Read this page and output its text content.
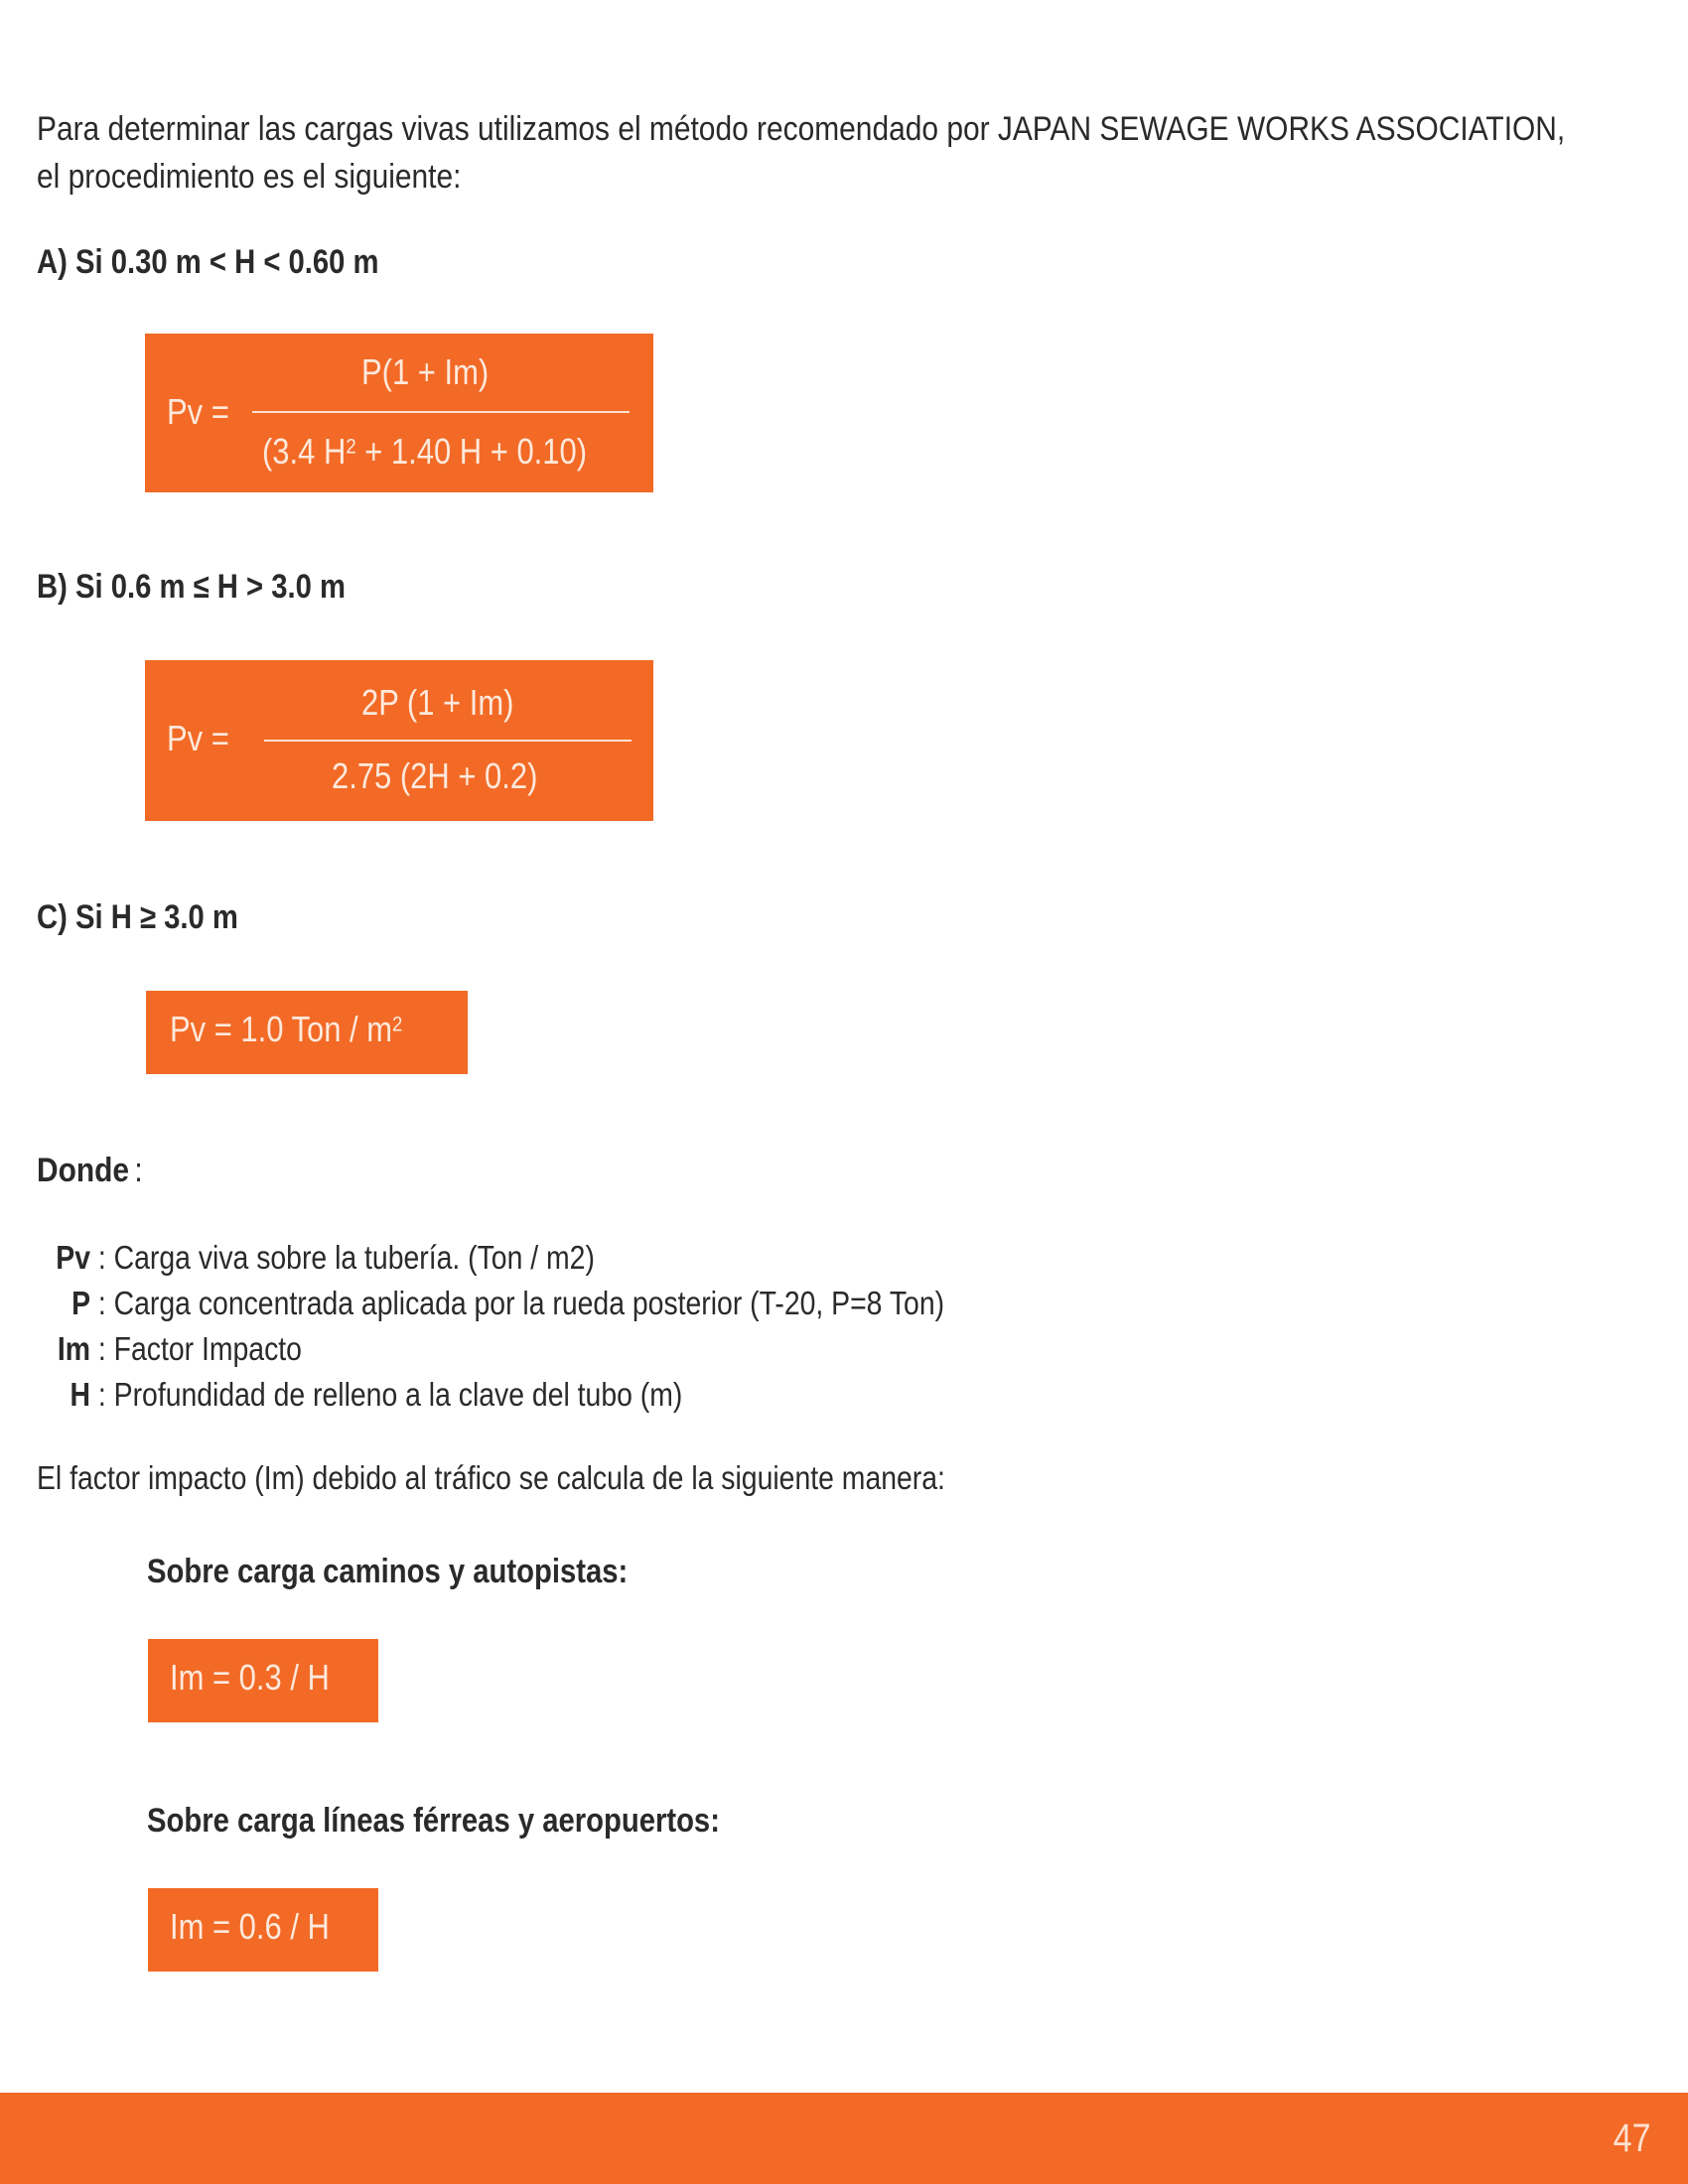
Para determinar las cargas vivas utilizamos el método recomendado por JAPAN SEWAGE WORKS ASSOCIATION,
el procedimiento es el siguiente:
A) Si 0.30 m < H < 0.60 m
Pv =
P(1 + Im)
(3.4 $H^2 + 1.40$ H + 0.10)
B) Si 0.6 m ≤ H > 3.0 m
Pv =
2P (1 + Im)
2.75 (2H + 0.2)
C) Si H ≥ 3.0 m
Pv = 1.0 Ton / $m^2$
Donde :
Pv : Carga viva sobre la tubería. (Ton / m2)
P : Carga concentrada aplicada por la rueda posterior (T-20, P=8 Ton)
Im : Factor Impacto
H : Profundidad de relleno a la clave del tubo (m)
El factor impacto (Im) debido al tráfico se calcula de la siguiente manera:
Sobre carga caminos y autopistas:
Im = 0.3 / H
Sobre carga líneas férreas y aeropuertos:
Im = 0.6 / H
47
